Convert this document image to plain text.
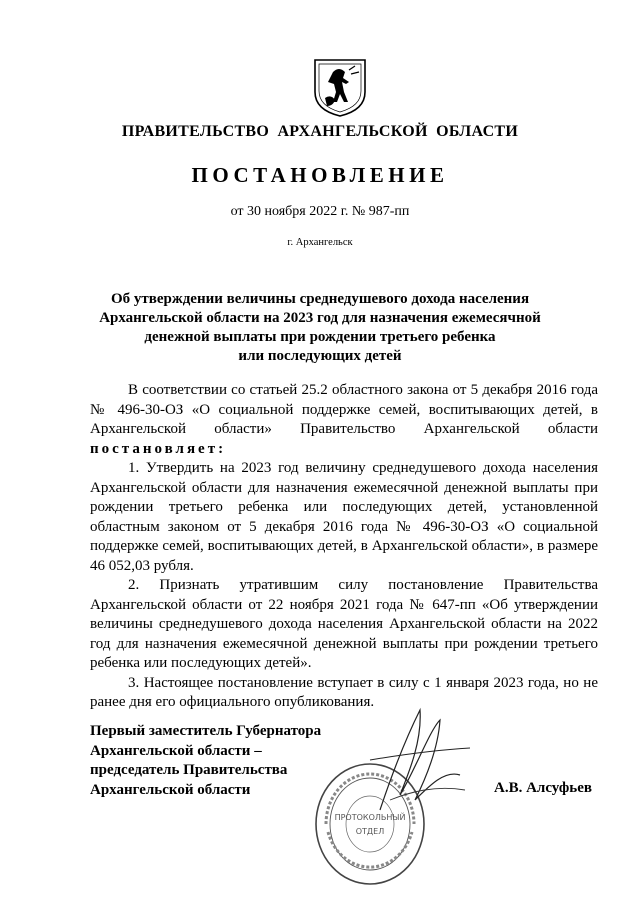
ПРАВИТЕЛЬСТВО АРХАНГЕЛЬСКОЙ ОБЛАСТИ
ПОСТАНОВЛЕНИЕ
от 30 ноября 2022 г. № 987-пп
г. Архангельск
Об утверждении величины среднедушевого дохода населения
Архангельской области на 2023 год для назначения ежемесячной
денежной выплаты при рождении третьего ребенка
или последующих детей

В соответствии со статьей 25.2 областного закона от 5 декабря 2016 года № 496-30-ОЗ «О социальной поддержке семей, воспитывающих детей, в Архангельской области» Правительство Архангельской области постановляет:

1. Утвердить на 2023 год величину среднедушевого дохода населения Архангельской области для назначения ежемесячной денежной выплаты при рождении третьего ребенка или последующих детей, установленной областным законом от 5 декабря 2016 года № 496-30-ОЗ «О социальной поддержке семей, воспитывающих детей, в Архангельской области», в размере 46 052,03 рубля.

2. Признать утратившим силу постановление Правительства Архангельской области от 22 ноября 2021 года № 647-пп «Об утверждении величины среднедушевого дохода населения Архангельской области на 2022 год для назначения ежемесячной денежной выплаты при рождении третьего ребенка или последующих детей».

3. Настоящее постановление вступает в силу с 1 января 2023 года, но не ранее дня его официального опубликования.

Первый заместитель Губернатора
Архангельской области –
председатель Правительства
Архангельской области
ПРОТОКОЛЬНЫЙ
ОТДЕЛ
А.В. Алсуфьев
